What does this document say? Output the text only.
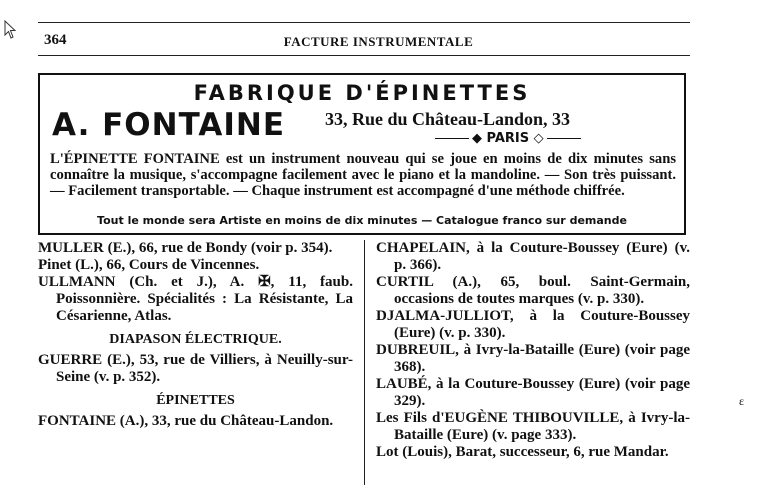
364	FACTURE INSTRUMENTALE
FABRIQUE D'ÉPINETTES
A. FONTAINE 33, Rue du Château-Landon, 33
◆ PARIS ◇
L'ÉPINETTE FONTAINE est un instrument nouveau qui se joue en moins de dix minutes sans connaître la musique, s'accompagne facilement avec le piano et la mandoline. — Son très puissant. — Facilement transportable. — Chaque instrument est accompagné d'une méthode chiffrée.
Tout le monde sera Artiste en moins de dix minutes — Catalogue franco sur demande
MULLER (E.), 66, rue de Bondy (voir p. 354).
Pinet (L.), 66, Cours de Vincennes.
ULLMANN (Ch. et J.), A. ✠, 11, faub. Poissonnière. Spécialités : La Résistante, La Césarienne, Atlas.
DIAPASON ÉLECTRIQUE.
GUERRE (E.), 53, rue de Villiers, à Neuilly-sur-Seine (v. p. 352).
ÉPINETTES
FONTAINE (A.), 33, rue du Château-Landon.
CHAPELAIN, à la Couture-Boussey (Eure) (v. p. 366).
CURTIL (A.), 65, boul. Saint-Germain, occasions de toutes marques (v. p. 330).
DJALMA-JULLIOT, à la Couture-Boussey (Eure) (v. p. 330).
DUBREUIL, à Ivry-la-Bataille (Eure) (voir page 368).
LAUBÉ, à la Couture-Boussey (Eure) (voir page 329).
Les Fils d'EUGÈNE THIBOUVILLE, à Ivry-la-Bataille (Eure) (v. page 333).
Lot (Louis), Barat, successeur, 6, rue Mandar.
ɛ
